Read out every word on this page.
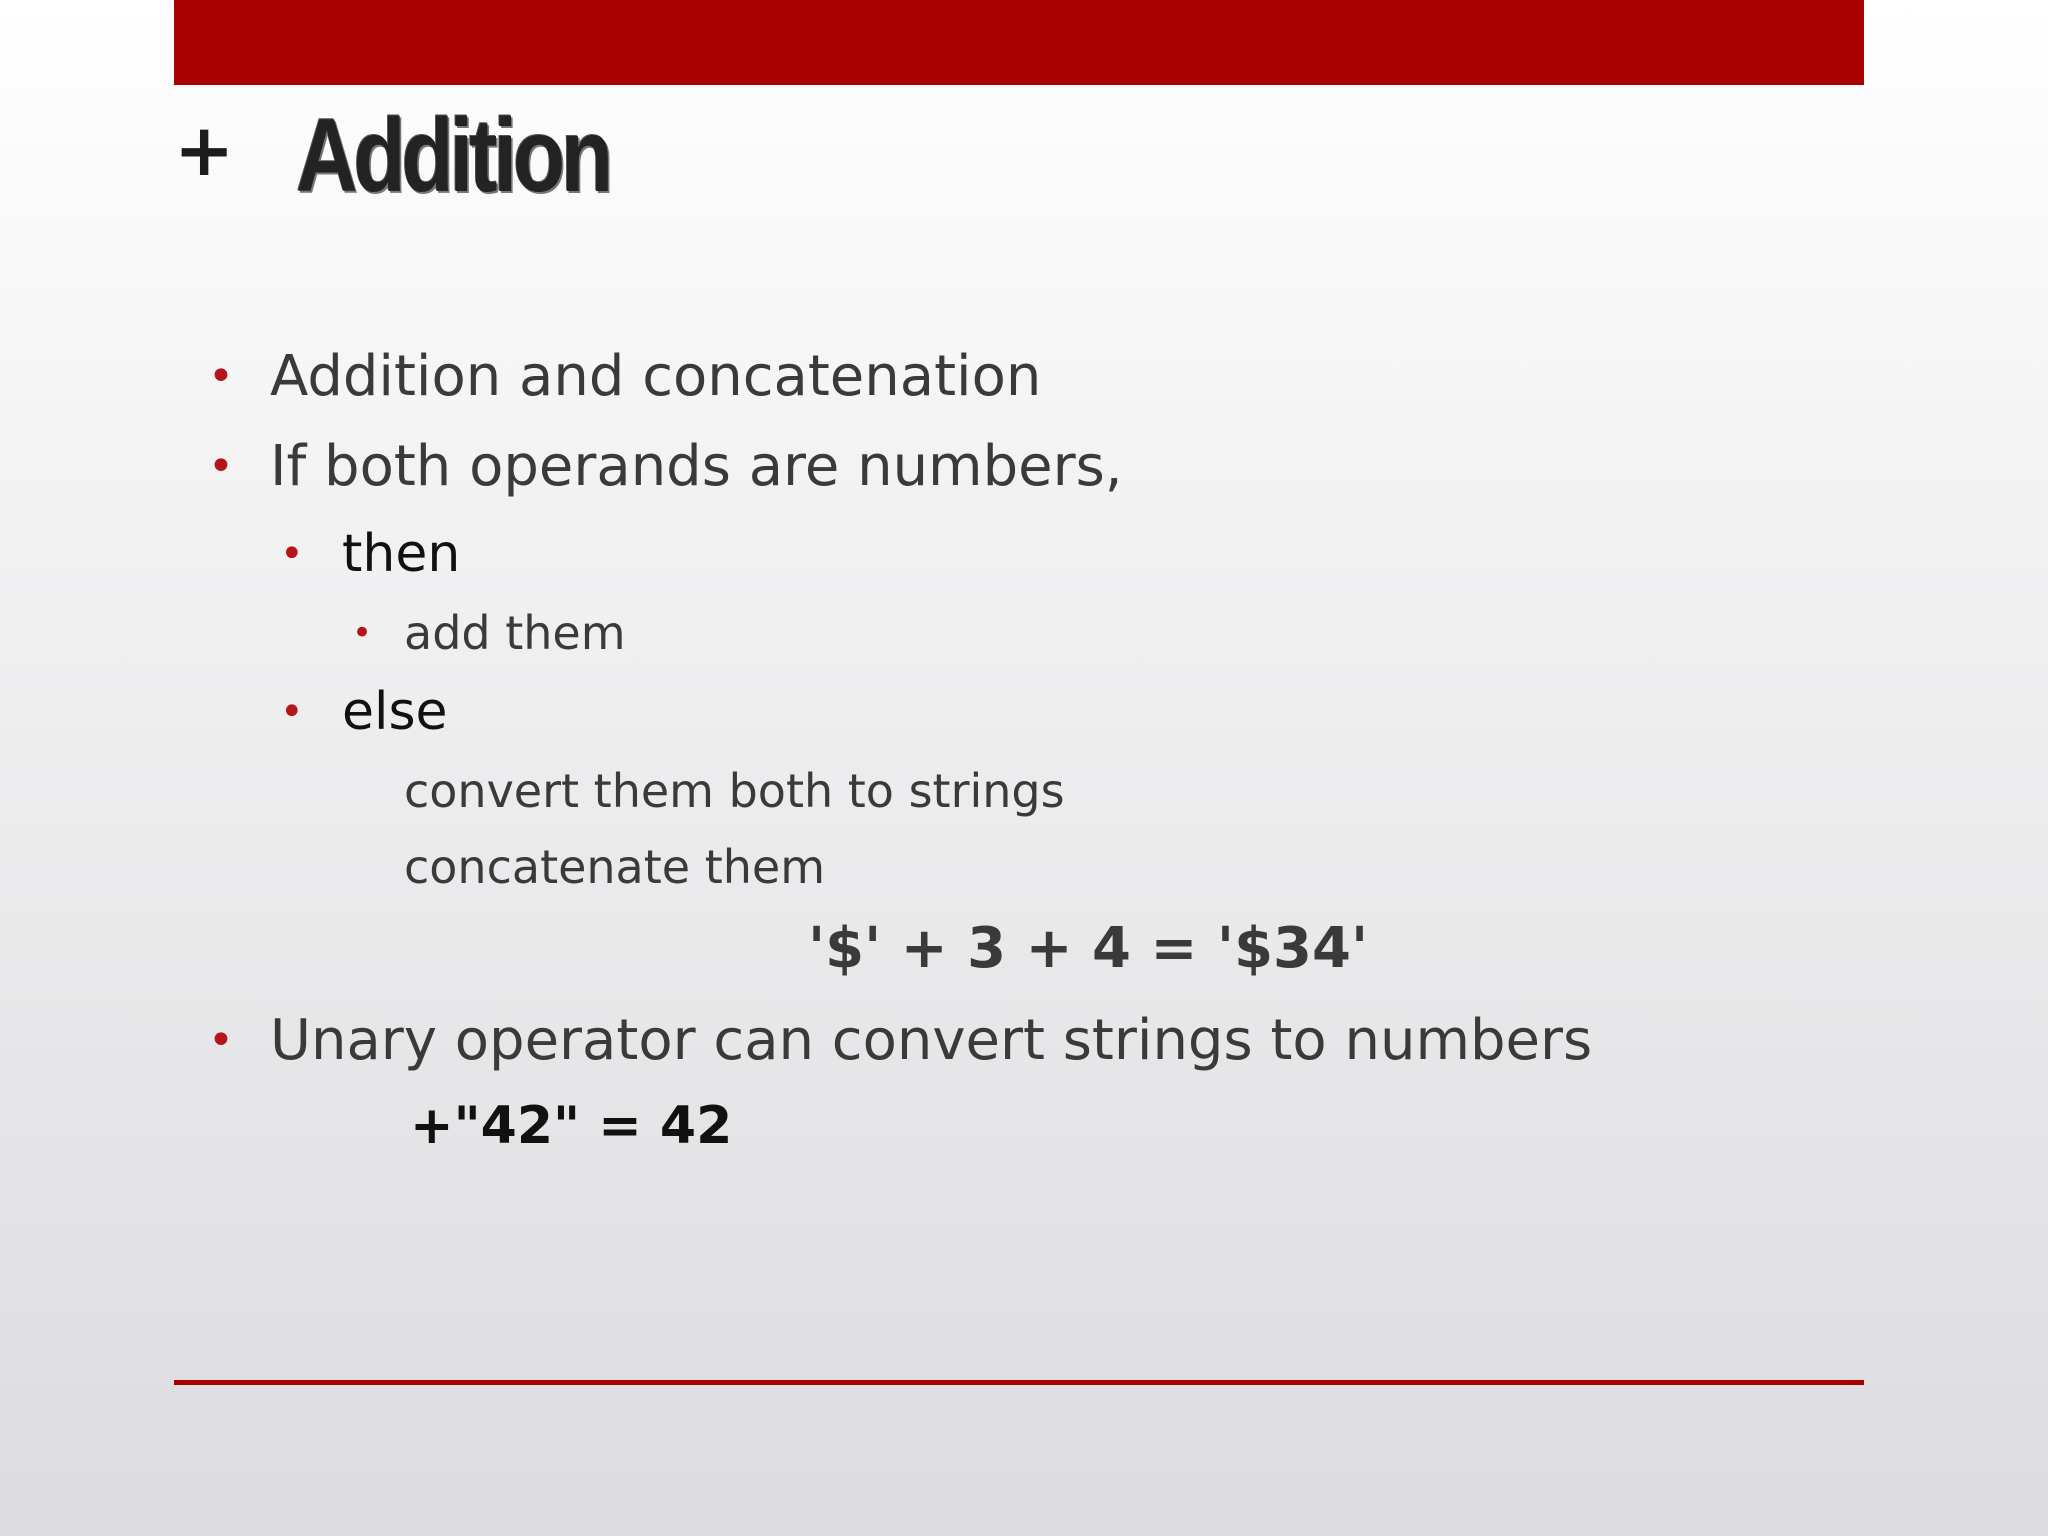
+ Addition
• Addition and concatenation
• If both operands are numbers,
• then
• add them
• else
convert them both to strings
concatenate them
'$' + 3 + 4 = '$34'
• Unary operator can convert strings to numbers
+"42" = 42
